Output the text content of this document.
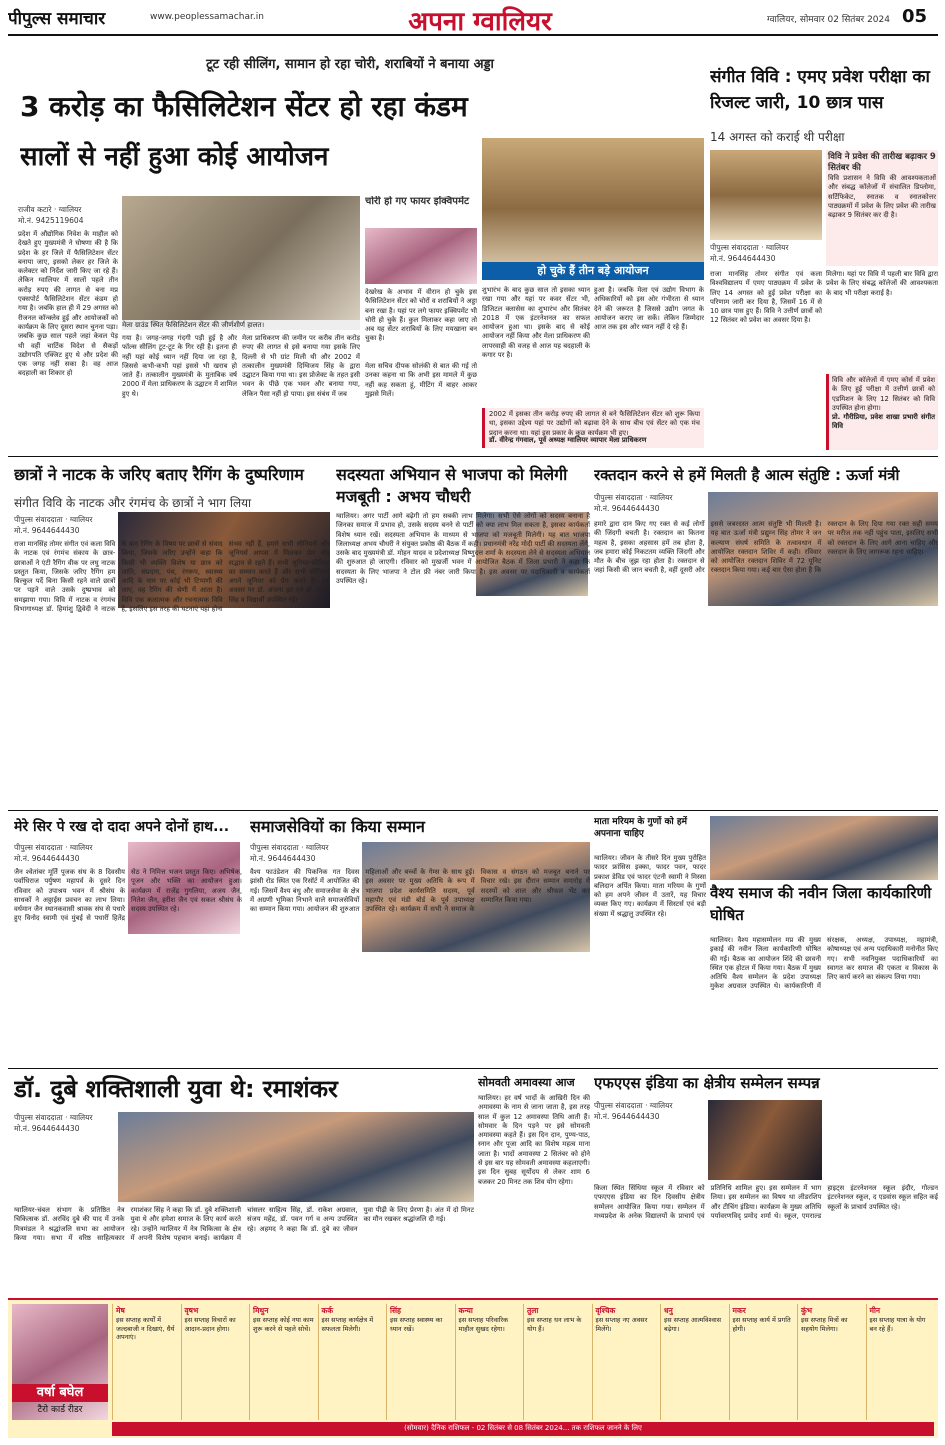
पीपुल्स समाचार	www.peoplessamachar.in	अपना ग्वालियर	ग्वालियर, सोमवार 02 सितंबर 2024 05
टूट रही सीलिंग, सामान हो रहा चोरी, शराबियों ने बनाया अड्डा
3 करोड़ का फैसिलिटेशन सेंटर हो रहा कंडम
सालों से नहीं हुआ कोई आयोजन
हो चुके हैं तीन बड़े आयोजन
राजीव कटारे · ग्वालियर
मो.नं. 9425119604
प्रदेश में औद्योगिक निवेश के माहौल को देखते हुए मुख्यमंत्री ने घोषणा की है कि प्रदेश के हर जिले में फैसिलिटेशन सेंटर बनाया जाए, इसको लेकर हर जिले के कलेक्टर को निर्देश जारी किए जा रहे हैं। लेकिन ग्वालियर में सालों पहले तीन करोड़ रुपए की लागत से बना मप्र एक्सपोर्ट फैसिलिटेशन सेंटर कंडम हो गया है। जबकि हाल ही में 29 अगस्त को रीजनल कॉन्क्लेव हुई और आयोजकों को कार्यक्रम के लिए दूसरा स्थान चुनना पड़ा। जबकि कुछ साल पहले जहां केवल पेड़ थी वहीं चार्टिक विदेश से सैकड़ों उद्योगपति एक्जिट हुए थे और प्रदेश की एक जगह नहीं सका है। वह आज बदहाली का शिकार हो
मेला ग्राउंड स्थित फैसिलिटेशन सेंटर की जीर्णशीर्ण हालत।
गया है। जगह-जगह गंदगी पड़ी हुई है और फॉल्स सीलिंग टूट-टूट के गिर रही है। इतना ही नहीं यहां कोई ध्यान नहीं दिया जा रहा है, जिससे कभी-कभी यहां इससे भी खराब हो जाते हैं। तत्कालीन मुख्यमंत्री के मुताबिक वर्ष 2000 में मेला प्राधिकरण के उद्घाटन में शामिल हुए थे।
मेला प्राधिकरण की जमीन पर करीब तीन करोड़ रुपए की लागत से इसे बनाया गया इसके लिए दिल्ली से भी ग्रांट मिली थी और 2002 में तत्कालीन मुख्यमंत्री दिग्विजय सिंह के द्वारा उद्घाटन किया गया था। इस प्रोजेक्ट के तहत इसी भवन के पीछे एक भवन और बनाया गया, लेकिन पैसा नहीं हो पाया। इस संबंध में जब
चोरी हो गए फायर इक्विपमेंट
देखरेख के अभाव में वीरान हो चुके इस फैसिलिटेशन सेंटर को चोरों व शराबियों ने अड्डा बना रखा है। यहां पर लगे फायर इक्विपमेंट भी चोरी हो चुके हैं। कुल मिलाकर कहा जाए तो अब यह सेंटर शराबियों के लिए मयखाना बन चुका है।
मेला सचिव दीपक सोलंकी से बात की गई तो उनका कहना था कि अभी इस मामले में कुछ नहीं कह सकता हूं, मीटिंग में बाहर आकर मुझसे मिलें।
शुभारंभ के बाद कुछ साल तो इसका ध्यान रखा गया और यहां पर कवर सेंटर भी, डिजिटल क्लासेस का शुभारंभ और सितंबर 2018 में एक इंटरनेशनल का सफल आयोजन हुआ था। इसके बाद से कोई आयोजन नहीं किया और मेला प्राधिकरण की लापरवाही की वजह से आज यह बदहाली के कगार पर है।
हुआ है। जबकि मेला एवं उद्योग विभाग के अधिकारियों को इस ओर गंभीरता से ध्यान देने की जरूरत है जिससे उद्योग जगत के आयोजन कराए जा सकें। लेकिन जिम्मेदार आज तक इस ओर ध्यान नहीं दे रहे हैं।
2002 में इसका तीन करोड़ रुपए की लागत से बने फैसिलिटेशन सेंटर को शुरू किया था, इसका उद्देश्य यहां पर उद्योगों को बढ़ावा देने के साथ बीच एवं सेंटर को एक मंच प्रदान करना था। यहां इस प्रकार के कुछ कार्यक्रम भी हुए।
डॉ. वीरेन्द्र गंगवाल, पूर्व अध्यक्ष ग्वालियर व्यापार मेला प्राधिकरण
संगीत विवि : एमए प्रवेश परीक्षा का रिजल्ट जारी, 10 छात्र पास
14 अगस्त को कराई थी परीक्षा
पीपुल्स संवाददाता · ग्वालियर
मो.नं. 9644644430
विवि ने प्रवेश की तारीख बढ़ाकर 9 सितंबर की
विवि प्रशासन ने विवि की आवश्यकताओं और संबद्ध कॉलेजों में संचालित डिप्लोमा, सर्टिफिकेट, स्नातक व स्नातकोत्तर पाठ्यक्रमों में प्रवेश के लिए प्रवेश की तारीख बढ़ाकर 9 सितंबर कर दी है।
राजा मानसिंह तोमर संगीत एवं कला विश्वविद्यालय में एमए पाठ्यक्रम में प्रवेश के लिए 14 अगस्त को हुई प्रवेश परीक्षा का परिणाम जारी कर दिया है, जिसमें 16 में से 10 छात्र पास हुए हैं। विवि ने उत्तीर्ण छात्रों को 12 सितंबर को प्रवेश का अवसर दिया है।
मिलेगा। यहां पर विवि में पहली बार विवि द्वारा प्रवेश के लिए संबद्ध कॉलेजों की आवश्यकता के बाद भी परीक्षा कराई है।
विवि और कॉलेजों में एमए कोर्स में प्रवेश के लिए हुई परीक्षा में उत्तीर्ण छात्रों को एडमिशन के लिए 12 सितंबर को विवि उपस्थित होना होगा।
प्रो. गौरीप्रिया, प्रवेश शाखा प्रभारी संगीत विवि
छात्रों ने नाटक के जरिए बताए रैगिंग के दुष्परिणाम
संगीत विवि के नाटक और रंगमंच के छात्रों ने भाग लिया
पीपुल्स संवाददाता · ग्वालियर
मो.नं. 9644644430
राजा मानसिंह तोमर संगीत एवं कला विवि के नाटक एवं रंगमंच संकाय के छात्र-छात्राओं ने एंटी रैगिंग वीक पर लघु नाटक प्रस्तुत किया, जिसके जरिए रैगिंग हम बिल्कुल पर्दे बिना किसी रहने वाले छात्रों पर पड़ने वाले उसके दुष्प्रभाव को समझाया गया। विवि में नाटक व रंगमंच विभागाध्यक्ष डॉ. हिमांशु द्विवेदी ने नाटक के बाद रैगिंग के विषय पर छात्रों से संवाद किया, जिसके जरिए उन्होंने कहा कि किसी भी व्यक्ति विशेष या छात्र को जाति, संप्रदाय, पंथ, रंगरूप, स्वास्थ्य आदि के नाम पर कोई भी टिप्पणी की जाए, वह रैगिंग की श्रेणी में आता है। विवि एक कलात्मक और रचनात्मक विवि है, इसलिए इस तरह की घटनाएं यहां होना संभव नहीं हैं, हमारे सभी सीनियर्स और जूनियर्स आपस में मिलकर प्रेम और सद्भाव से रहते हैं। सभी जूनियर-सीनियर का सम्मान करते हैं और सभी सीनियर्स अपने जूनियर को प्रेम करते हैं। इस अवसर पर डॉ. अंजना झा एवं डॉ. संजय सिंह व विद्यार्थी उपस्थित रहे।
सदस्यता अभियान से भाजपा को मिलेगी मजबूती : अभय चौधरी
ग्वालियर। अगर पार्टी आगे बढ़ेगी तो हम सबकी लाभ मिलेगा। सभी ऐसे लोगों को सदस्य बनाना है जिनका समाज में प्रभाव हो, उसके सदस्य बनने से पार्टी को क्या लाभ मिल सकता है, इसका कार्यकर्ता विशेष ध्यान रखें। सदस्यता अभियान के माध्यम से भाजपा को मजबूती मिलेगी। यह बात भाजपा जिलाध्यक्ष अभय चौधरी ने संयुक्त प्रकोष्ठ की बैठक में कही। प्रधानमंत्री नरेंद्र मोदी पार्टी की सदस्यता लेंगे, उसके बाद मुख्यमंत्री डॉ. मोहन यादव व प्रदेशाध्यक्ष विष्णुदत्त शर्मा के सदस्यता लेने से सदस्यता अभियान की शुरुआत हो जाएगी। रविवार को मुखर्जी भवन में आयोजित बैठक में जिला प्रभारी ने कहा कि सदस्यता के लिए भाजपा ने टोल फ्री नंबर जारी किया है। इस अवसर पर पदाधिकारी व कार्यकर्ता उपस्थित रहे।
रक्तदान करने से हमें मिलती है आत्म संतुष्टि : ऊर्जा मंत्री
पीपुल्स संवाददाता · ग्वालियर
मो.नं. 9644644430
हमारे द्वारा दान किए गए रक्त से कई लोगों की जिंदगी बचती है। रक्तदान का कितना महत्व है, इसका अहसास हमें तब होता है, जब हमारा कोई निकटतम व्यक्ति जिंदगी और मौत के बीच जूझ रहा होता है। रक्तदान से जहां किसी की जान बचती है, वहीं दूसरी ओर इससे जबरदस्त आत्म संतुष्टि भी मिलती है। यह बात ऊर्जा मंत्री प्रद्युम्न सिंह तोमर ने जन कल्याण संघर्ष समिति के तत्वावधान में आयोजित रक्तदान शिविर में कही। रविवार को आयोजित रक्तदान शिविर में 72 यूनिट रक्तदान किया गया। कई बार ऐसा होता है कि रक्तदान के लिए दिया गया रक्त सही समय पर मरीज तक नहीं पहुंच पाता, इसलिए सभी को रक्तदान के लिए आगे आना चाहिए और रक्तदान के लिए जागरूक रहना चाहिए।
मेरे सिर पे रख दो दादा अपने दोनों हाथ...
पीपुल्स संवाददाता · ग्वालियर
मो.नं. 9644644430
जैन श्वेतांबर मूर्ति पूजक संघ के 8 दिवसीय पर्वाधिराज पर्युषण महापर्व के दूसरे दिन रविवार को उपाश्रय भवन में श्रीसंघ के साधकों ने अठ्ठाईस प्रवचन का लाभ लिया। वर्धमान जैन स्थानकवासी श्रावक संघ से पधारे हुए विनोद स्वामी एवं मुंबई से पधारीं हितेंद्र सेठ ने निमित्त भजन प्रस्तुत किए। अभिषेक, पूजन और भक्ति का आयोजन हुआ। कार्यक्रम में राजेंद्र गुगलिया, अजय जैन, नितेश जैन, हरीश जैन एवं सकल श्रीसंघ के सदस्य उपस्थित रहे।
समाजसेवियों का किया सम्मान
पीपुल्स संवाददाता · ग्वालियर
मो.नं. 9644644430
वैश्य फाउंडेशन की पिकनिक गत दिवस झांसी रोड स्थित एक रिसॉर्ट में आयोजित की गई। जिसमें वैश्य बंधु और समाजसेवा के क्षेत्र में अग्रणी भूमिका निभाने वाले समाजसेवियों का सम्मान किया गया। आयोजन की शुरुआत महिलाओं और बच्चों के गेम्स के साथ हुई। इस अवसर पर मुख्य अतिथि के रूप में भाजपा प्रदेश कार्यसमिति सदस्य, पूर्व महापौर एवं मंडी बोर्ड के पूर्व उपाध्यक्ष उपस्थित रहे। कार्यक्रम में सभी ने समाज के विकास व संगठन को मजबूत बनाने पर विचार रखे। इस दौरान सम्मान समारोह में सदस्यों को शाल और श्रीफल भेंट कर सम्मानित किया गया।
माता मरियम के गुणों को हमें अपनाना चाहिए
ग्वालियर। जीवन के तीसरे दिन मुख्य पुरोहित फादर फ्रांसिस इक्का, फादर पवन, फादर प्रकाश डेविड एवं फादर एंटनी स्वामी ने मिस्सा बलिदान अर्पित किया। माता मरियम के गुणों को हम अपने जीवन में उतारें, यह विचार व्यक्त किए गए। कार्यक्रम में सिस्टर्स एवं बड़ी संख्या में श्रद्धालु उपस्थित रहे।
वैश्य समाज की नवीन जिला कार्यकारिणी घोषित
ग्वालियर। वैश्य महासम्मेलन मप्र की मुख्य इकाई की नवीन जिला कार्यकारिणी घोषित की गई। बैठक का आयोजन शिंदे की छावनी स्थित एक होटल में किया गया। बैठक में मुख्य अतिथि वैश्य सम्मेलन के प्रदेश उपाध्यक्ष मुकेश अग्रवाल उपस्थित थे। कार्यकारिणी में संरक्षक, अध्यक्ष, उपाध्यक्ष, महामंत्री, कोषाध्यक्ष एवं अन्य पदाधिकारी मनोनीत किए गए। सभी नवनियुक्त पदाधिकारियों का स्वागत कर समाज की एकता व विकास के लिए कार्य करने का संकल्प लिया गया।
डॉ. दुबे शक्तिशाली युवा थे: रमाशंकर
पीपुल्स संवाददाता · ग्वालियर
मो.नं. 9644644430
ग्वालियर-चंबल संभाग के प्रतिष्ठित नेत्र चिकित्सक डॉ. अरविंद दुबे की याद में उनके मित्रमंडल ने श्रद्धांजलि सभा का आयोजन किया गया। सभा में वरिष्ठ साहित्यकार रमाशंकर सिंह ने कहा कि डॉ. दुबे शक्तिशाली युवा थे और हमेशा समाज के लिए कार्य करते रहे। उन्होंने ग्वालियर में नेत्र चिकित्सा के क्षेत्र में अपनी विशेष पहचान बनाई। कार्यक्रम में चांसलर साहित्य सिंह, डॉ. राकेश अग्रवाल, संजय महेंद्र, डॉ. पवन गर्ग व अन्य उपस्थित रहे। अहमद ने कहा कि डॉ. दुबे का जीवन युवा पीढ़ी के लिए प्रेरणा है। अंत में दो मिनट का मौन रखकर श्रद्धांजलि दी गई।
सोमवती अमावस्या आज
ग्वालियर। हर वर्ष भादों के आखिरी दिन की अमावस्या के नाम से जाना जाता है, इस तरह साल में कुल 12 अमावस्या तिथि आती हैं। सोमवार के दिन पड़ने पर इसे सोमवती अमावस्या कहते हैं। इस दिन दान, पुण्य-पाठ, स्नान और पूजा आदि का विशेष महत्व माना जाता है। भादों अमावस्या 2 सितंबर को होने से इस बार यह सोमवती अमावस्या कहलाएगी। इस दिन सुबह सूर्योदय से लेकर शाम 6 बजकर 20 मिनट तक शिव योग रहेगा।
एफएएस इंडिया का क्षेत्रीय सम्मेलन सम्पन्न
पीपुल्स संवाददाता · ग्वालियर
मो.नं. 9644644430
किला स्थित सिंधिया स्कूल में रविवार को एफएएस इंडिया का दिन दिवसीय क्षेत्रीय सम्मेलन आयोजित किया गया। सम्मेलन में मध्यप्रदेश के अनेक विद्यालयों के प्राचार्य एवं प्रतिनिधि शामिल हुए। इस सम्मेलन में भाग लिया। इस सम्मेलन का विषय था लीडरशिप और टीचिंग इंडिया। कार्यक्रम के मुख्य अतिथि पर्यावरणविद् प्रमोद शर्मा थे। स्कूल, एमराल्ड हाइट्स इंटरनेशनल स्कूल इंदौर, गोल्डन इंटरनेशनल स्कूल, द एडवांस स्कूल सहित कई स्कूलों के प्राचार्य उपस्थित रहे।
वर्षा बघेल
टैरो कार्ड रीडर
मेष
इस सप्ताह कार्यों में जल्दबाजी न दिखाएं, धैर्य अपनाएं।
वृषभ
इस सप्ताह विचारों का आदान-प्रदान होगा।
मिथुन
इस सप्ताह कोई नया काम शुरू करने से पहले सोचें।
कर्क
इस सप्ताह कार्यक्षेत्र में सफलता मिलेगी।
सिंह
इस सप्ताह स्वास्थ्य का ध्यान रखें।
कन्या
इस सप्ताह परिवारिक माहौल सुखद रहेगा।
तुला
इस सप्ताह धन लाभ के योग हैं।
वृश्चिक
इस सप्ताह नए अवसर मिलेंगे।
धनु
इस सप्ताह आत्मविश्वास बढ़ेगा।
मकर
इस सप्ताह कार्य में प्रगति होगी।
कुंभ
इस सप्ताह मित्रों का सहयोग मिलेगा।
मीन
इस सप्ताह यात्रा के योग बन रहे हैं।
(सोमवार) दैनिक राशिफल - 02 सितंबर से 08 सितंबर 2024... तक राशिफल जानने के लिए
